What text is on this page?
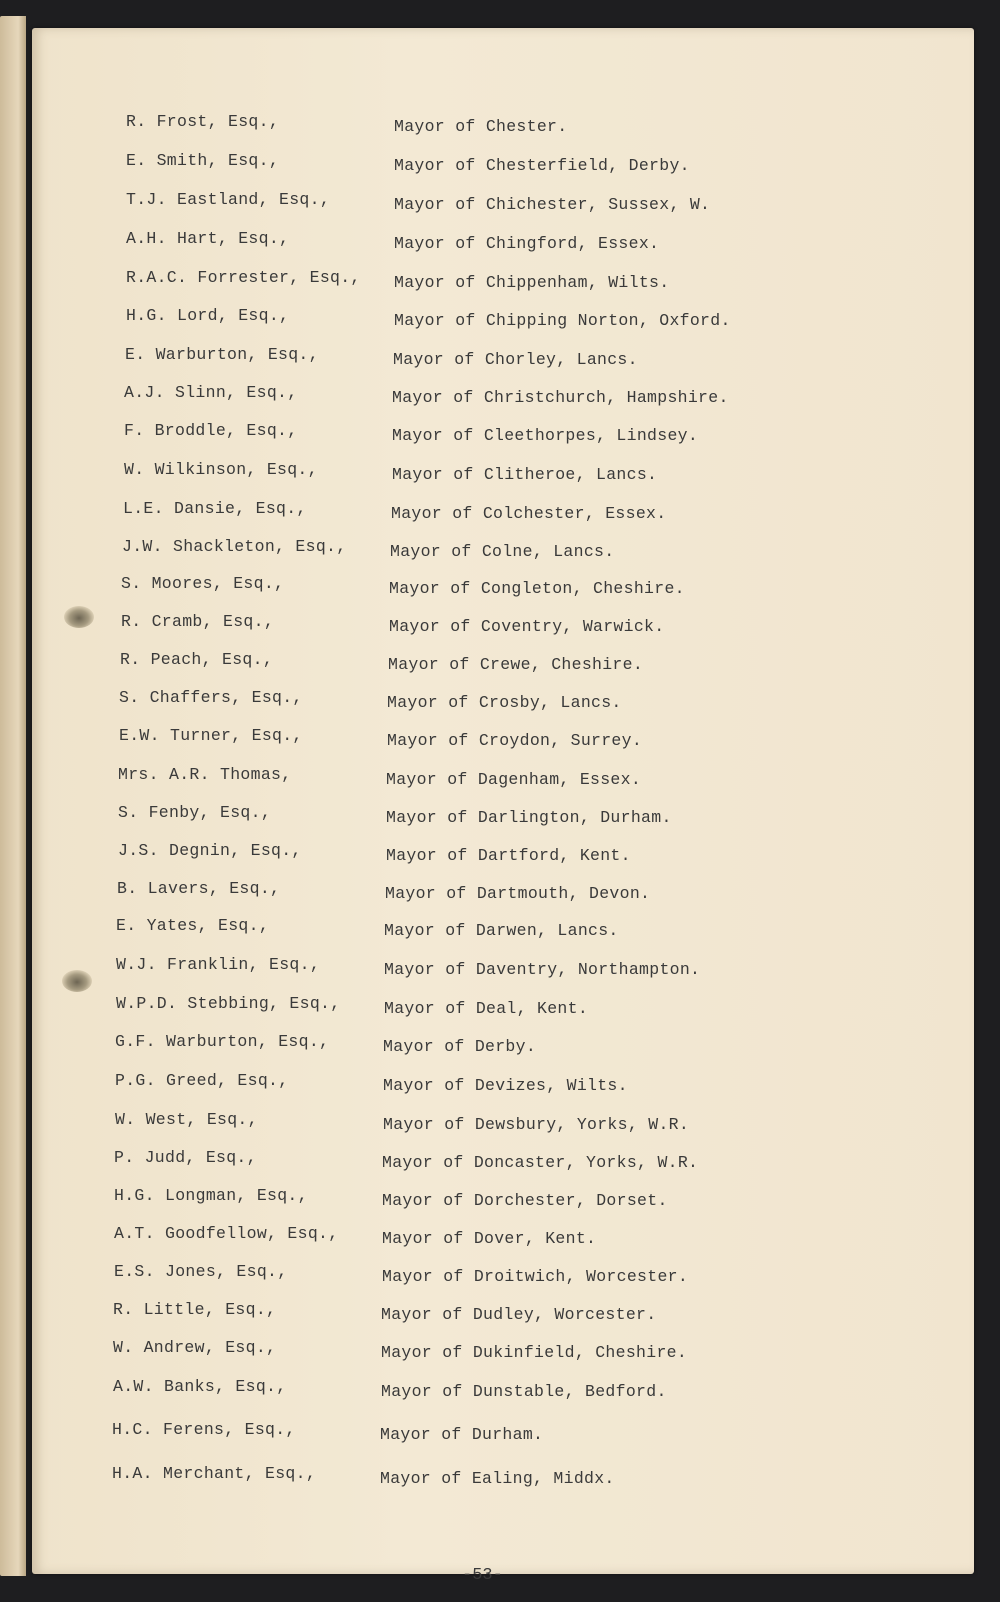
R. Frost, Esq.,	Mayor of Chester.
E. Smith, Esq.,	Mayor of Chesterfield, Derby.
T.J. Eastland, Esq.,	Mayor of Chichester, Sussex, W.
A.H. Hart, Esq.,	Mayor of Chingford, Essex.
R.A.C. Forrester, Esq., Mayor of Chippenham, Wilts.
H.G. Lord, Esq.,	Mayor of Chipping Norton, Oxford.
E. Warburton, Esq.,	Mayor of Chorley, Lancs.
A.J. Slinn, Esq.,	Mayor of Christchurch, Hampshire.
F. Broddle, Esq.,	Mayor of Cleethorpes, Lindsey.
W. Wilkinson, Esq.,	Mayor of Clitheroe, Lancs.
L.E. Dansie, Esq.,	Mayor of Colchester, Essex.
J.W. Shackleton, Esq.,	Mayor of Colne, Lancs.
S. Moores, Esq.,	Mayor of Congleton, Cheshire.
R. Cramb, Esq.,	Mayor of Coventry, Warwick.
R. Peach, Esq.,	Mayor of Crewe, Cheshire.
S. Chaffers, Esq.,	Mayor of Crosby, Lancs.
E.W. Turner, Esq.,	Mayor of Croydon, Surrey.
Mrs. A.R. Thomas,	Mayor of Dagenham, Essex.
S. Fenby, Esq.,	Mayor of Darlington, Durham.
J.S. Degnin, Esq.,	Mayor of Dartford, Kent.
B. Lavers, Esq.,	Mayor of Dartmouth, Devon.
E. Yates, Esq.,	Mayor of Darwen, Lancs.
W.J. Franklin, Esq.,	Mayor of Daventry, Northampton.
W.P.D. Stebbing, Esq.,	Mayor of Deal, Kent.
G.F. Warburton, Esq.,	Mayor of Derby.
P.G. Greed, Esq.,	Mayor of Devizes, Wilts.
W. West, Esq.,	Mayor of Dewsbury, Yorks, W.R.
P. Judd, Esq.,	Mayor of Doncaster, Yorks, W.R.
H.G. Longman, Esq.,	Mayor of Dorchester, Dorset.
A.T. Goodfellow, Esq.,	Mayor of Dover, Kent.
E.S. Jones, Esq.,	Mayor of Droitwich, Worcester.
R. Little, Esq.,	Mayor of Dudley, Worcester.
W. Andrew, Esq.,	Mayor of Dukinfield, Cheshire.
A.W. Banks, Esq.,	Mayor of Dunstable, Bedford.
H.C. Ferens, Esq.,	Mayor of Durham.
H.A. Merchant, Esq.,	Mayor of Ealing, Middx.
-53-
